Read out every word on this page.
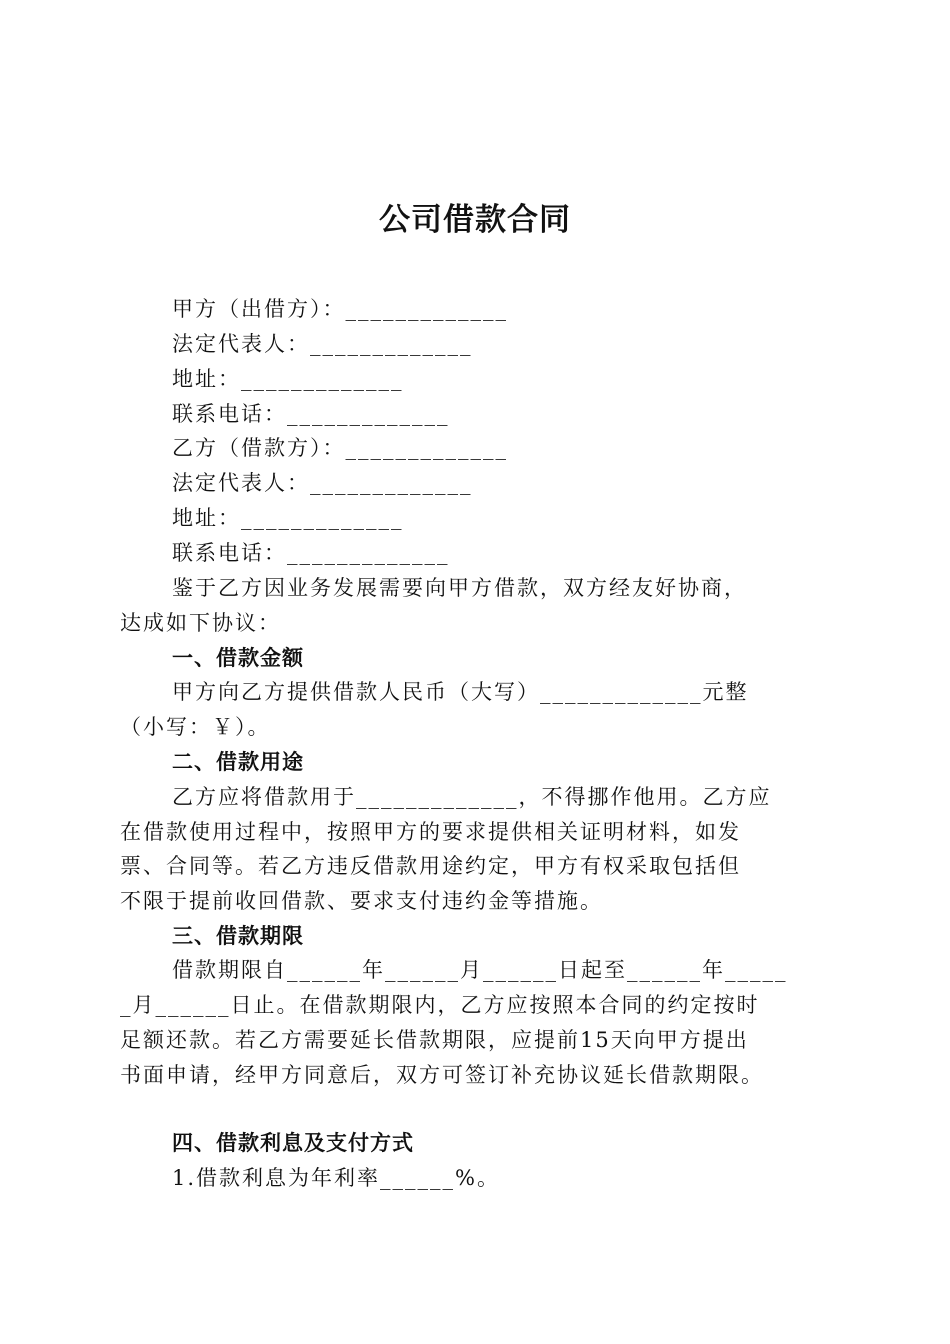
公司借款合同
甲方（出借方）：_____________
法定代表人：_____________
地址：_____________
联系电话：_____________
乙方（借款方）：_____________
法定代表人：_____________
地址：_____________
联系电话：_____________
鉴于乙方因业务发展需要向甲方借款，双方经友好协商，
达成如下协议：
一、借款金额
甲方向乙方提供借款人民币（大写）_____________元整
（小写：￥）。
二、借款用途
乙方应将借款用于_____________，不得挪作他用。乙方应
在借款使用过程中，按照甲方的要求提供相关证明材料，如发
票、合同等。若乙方违反借款用途约定，甲方有权采取包括但
不限于提前收回借款、要求支付违约金等措施。
三、借款期限
借款期限自______年______月______日起至______年_____
_月______日止。在借款期限内，乙方应按照本合同的约定按时
足额还款。若乙方需要延长借款期限，应提前15天向甲方提出
书面申请，经甲方同意后，双方可签订补充协议延长借款期限。
四、借款利息及支付方式
1.借款利息为年利率______%。
